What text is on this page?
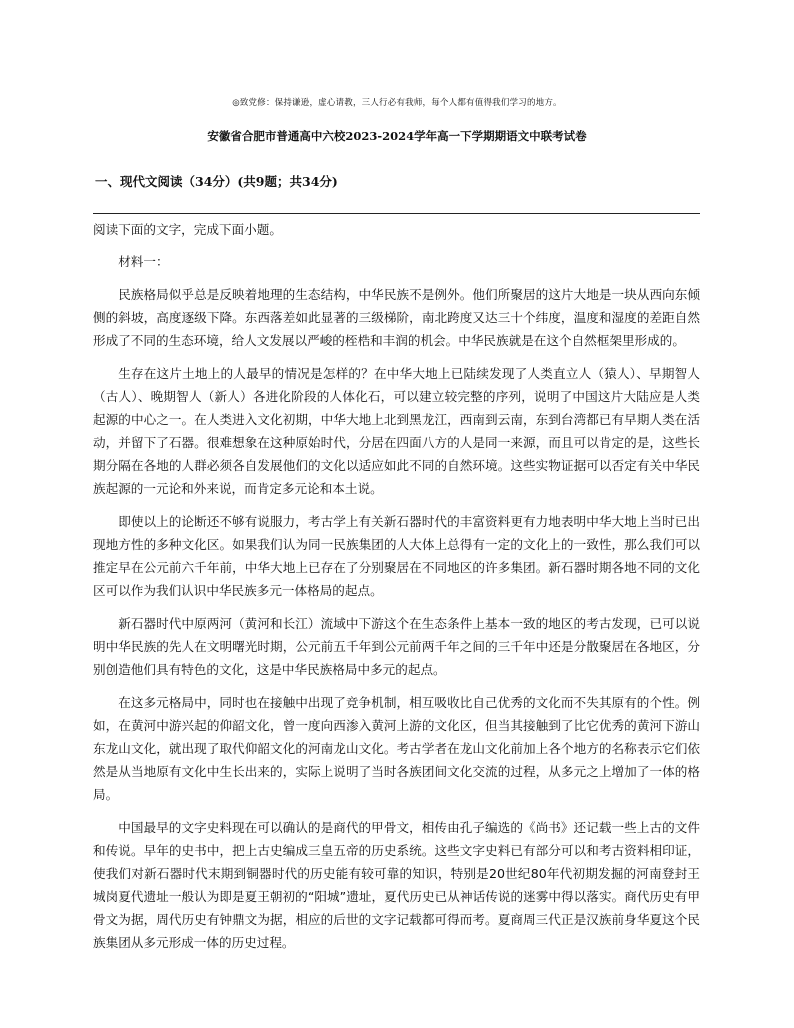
◎致党修：保持谦逊，虚心请教，三人行必有我师，每个人都有值得我们学习的地方。
安徽省合肥市普通高中六校2023-2024学年高一下学期期语文中联考试卷
一、现代文阅读（34分）(共9题；共34分)

阅读下面的文字，完成下面小题。

材料一：

民族格局似乎总是反映着地理的生态结构，中华民族不是例外。他们所聚居的这片大地是一块从西向东倾侧的斜坡，高度逐级下降。东西落差如此显著的三级梯阶，南北跨度又达三十个纬度，温度和湿度的差距自然形成了不同的生态环境，给人文发展以严峻的桎梏和丰润的机会。中华民族就是在这个自然框架里形成的。

生存在这片土地上的人最早的情况是怎样的？在中华大地上已陆续发现了人类直立人（猿人）、早期智人（古人）、晚期智人（新人）各进化阶段的人体化石，可以建立较完整的序列，说明了中国这片大陆应是人类起源的中心之一。在人类进入文化初期，中华大地上北到黑龙江，西南到云南，东到台湾都已有早期人类在活动，并留下了石器。很难想象在这种原始时代，分居在四面八方的人是同一来源，而且可以肯定的是，这些长期分隔在各地的人群必须各自发展他们的文化以适应如此不同的自然环境。这些实物证据可以否定有关中华民族起源的一元论和外来说，而肯定多元论和本土说。

即使以上的论断还不够有说服力，考古学上有关新石器时代的丰富资料更有力地表明中华大地上当时已出现地方性的多种文化区。如果我们认为同一民族集团的人大体上总得有一定的文化上的一致性，那么我们可以推定早在公元前六千年前，中华大地上已存在了分别聚居在不同地区的许多集团。新石器时期各地不同的文化区可以作为我们认识中华民族多元一体格局的起点。

新石器时代中原两河（黄河和长江）流域中下游这个在生态条件上基本一致的地区的考古发现，已可以说明中华民族的先人在文明曙光时期，公元前五千年到公元前两千年之间的三千年中还是分散聚居在各地区，分别创造他们具有特色的文化，这是中华民族格局中多元的起点。

在这多元格局中，同时也在接触中出现了竞争机制，相互吸收比自己优秀的文化而不失其原有的个性。例如，在黄河中游兴起的仰韶文化，曾一度向西渗入黄河上游的文化区，但当其接触到了比它优秀的黄河下游山东龙山文化，就出现了取代仰韶文化的河南龙山文化。考古学者在龙山文化前加上各个地方的名称表示它们依然是从当地原有文化中生长出来的，实际上说明了当时各族团间文化交流的过程，从多元之上增加了一体的格局。

中国最早的文字史料现在可以确认的是商代的甲骨文，相传由孔子编选的《尚书》还记载一些上古的文件和传说。早年的史书中，把上古史编成三皇五帝的历史系统。这些文字史料已有部分可以和考古资料相印证，使我们对新石器时代末期到铜器时代的历史能有较可靠的知识，特别是20世纪80年代初期发掘的河南登封王城岗夏代遗址一般认为即是夏王朝初的“阳城”遗址，夏代历史已从神话传说的迷雾中得以落实。商代历史有甲骨文为据，周代历史有钟鼎文为据，相应的后世的文字记载都可得而考。夏商周三代正是汉族前身华夏这个民族集团从多元形成一体的历史过程。
